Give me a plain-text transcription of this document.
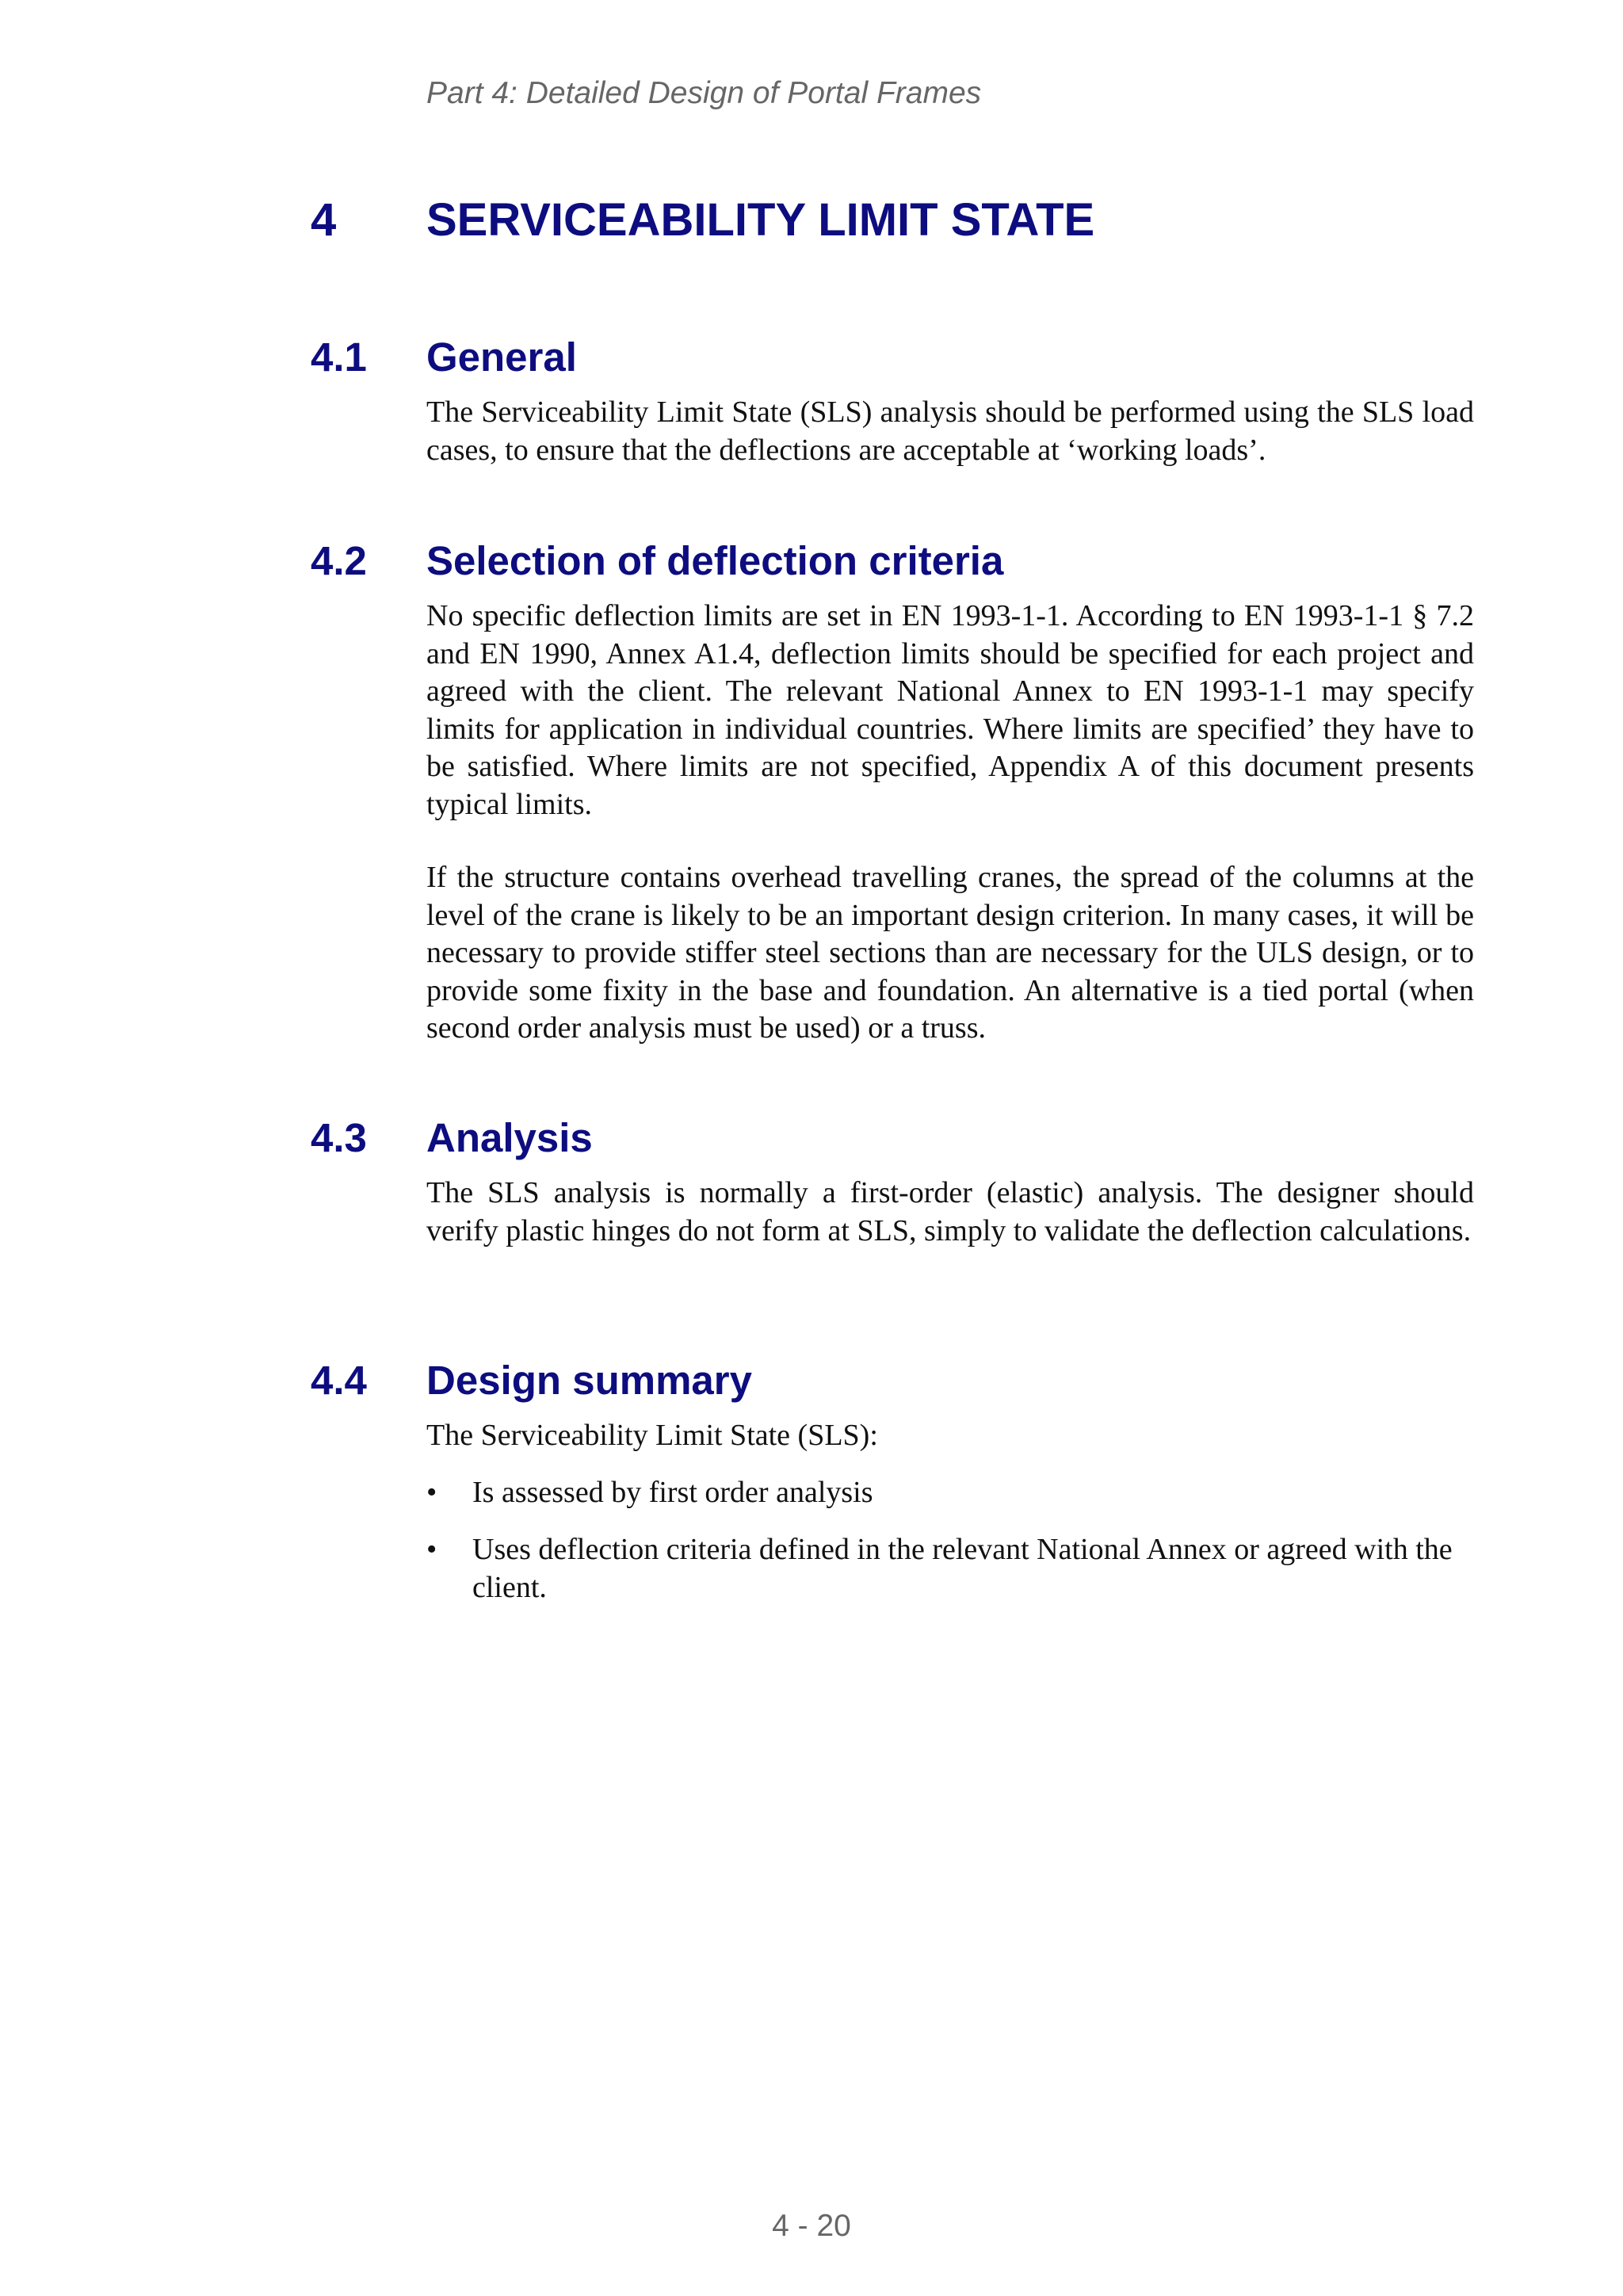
Part 4: Detailed Design of Portal Frames
4 SERVICEABILITY LIMIT STATE
4.1 General

The Serviceability Limit State (SLS) analysis should be performed using the SLS load cases, to ensure that the deflections are acceptable at ‘working loads’.

4.2 Selection of deflection criteria

No specific deflection limits are set in EN 1993-1-1. According to EN 1993-1-1 § 7.2 and EN 1990, Annex A1.4, deflection limits should be specified for each project and agreed with the client. The relevant National Annex to EN 1993-1-1 may specify limits for application in individual countries. Where limits are specified’ they have to be satisfied. Where limits are not specified, Appendix A of this document presents typical limits.

If the structure contains overhead travelling cranes, the spread of the columns at the level of the crane is likely to be an important design criterion. In many cases, it will be necessary to provide stiffer steel sections than are necessary for the ULS design, or to provide some fixity in the base and foundation. An alternative is a tied portal (when second order analysis must be used) or a truss.

4.3 Analysis

The SLS analysis is normally a first-order (elastic) analysis. The designer should verify plastic hinges do not form at SLS, simply to validate the deflection calculations.

4.4 Design summary

The Serviceability Limit State (SLS):

•	Is assessed by first order analysis
•	Uses deflection criteria defined in the relevant National Annex or agreed with the client.
4 - 20
